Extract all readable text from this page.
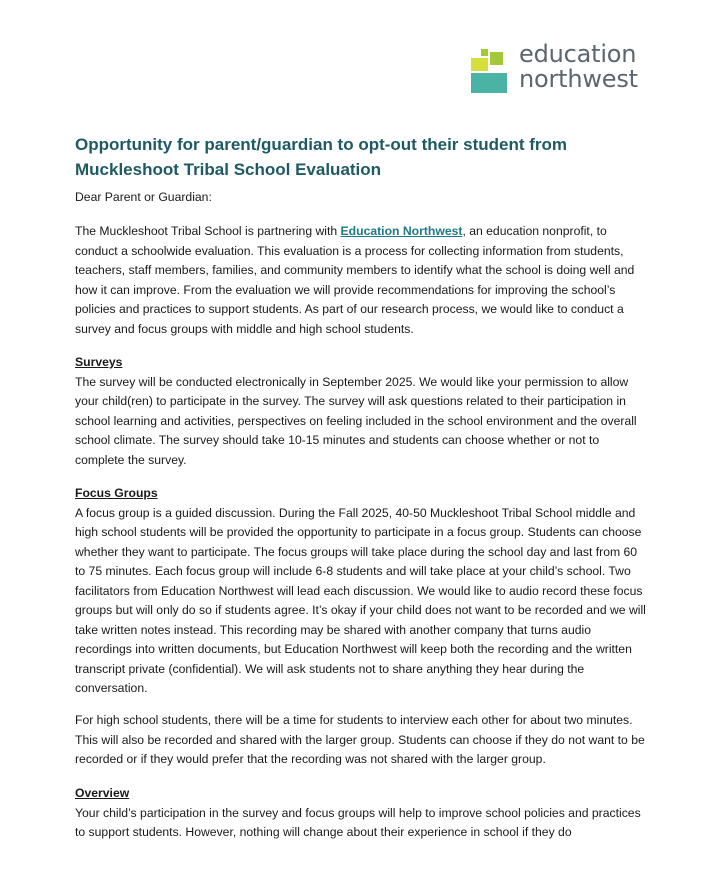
education
northwest
Opportunity for parent/guardian to opt-out their student from
Muckleshoot Tribal School Evaluation
Dear Parent or Guardian:
The Muckleshoot Tribal School is partnering with Education Northwest, an education nonprofit, to conduct a schoolwide evaluation. This evaluation is a process for collecting information from students, teachers, staff members, families, and community members to identify what the school is doing well and how it can improve. From the evaluation we will provide recommendations for improving the school’s policies and practices to support students. As part of our research process, we would like to conduct a survey and focus groups with middle and high school students.
Surveys
The survey will be conducted electronically in September 2025. We would like your permission to allow your child(ren) to participate in the survey. The survey will ask questions related to their participation in school learning and activities, perspectives on feeling included in the school environment and the overall school climate. The survey should take 10-15 minutes and students can choose whether or not to complete the survey.
Focus Groups
A focus group is a guided discussion. During the Fall 2025, 40-50 Muckleshoot Tribal School middle and high school students will be provided the opportunity to participate in a focus group. Students can choose whether they want to participate. The focus groups will take place during the school day and last from 60 to 75 minutes. Each focus group will include 6-8 students and will take place at your child’s school. Two facilitators from Education Northwest will lead each discussion. We would like to audio record these focus groups but will only do so if students agree. It’s okay if your child does not want to be recorded and we will take written notes instead. This recording may be shared with another company that turns audio recordings into written documents, but Education Northwest will keep both the recording and the written transcript private (confidential). We will ask students not to share anything they hear during the conversation.
For high school students, there will be a time for students to interview each other for about two minutes. This will also be recorded and shared with the larger group. Students can choose if they do not want to be recorded or if they would prefer that the recording was not shared with the larger group.
Overview
Your child’s participation in the survey and focus groups will help to improve school policies and practices to support students. However, nothing will change about their experience in school if they do
